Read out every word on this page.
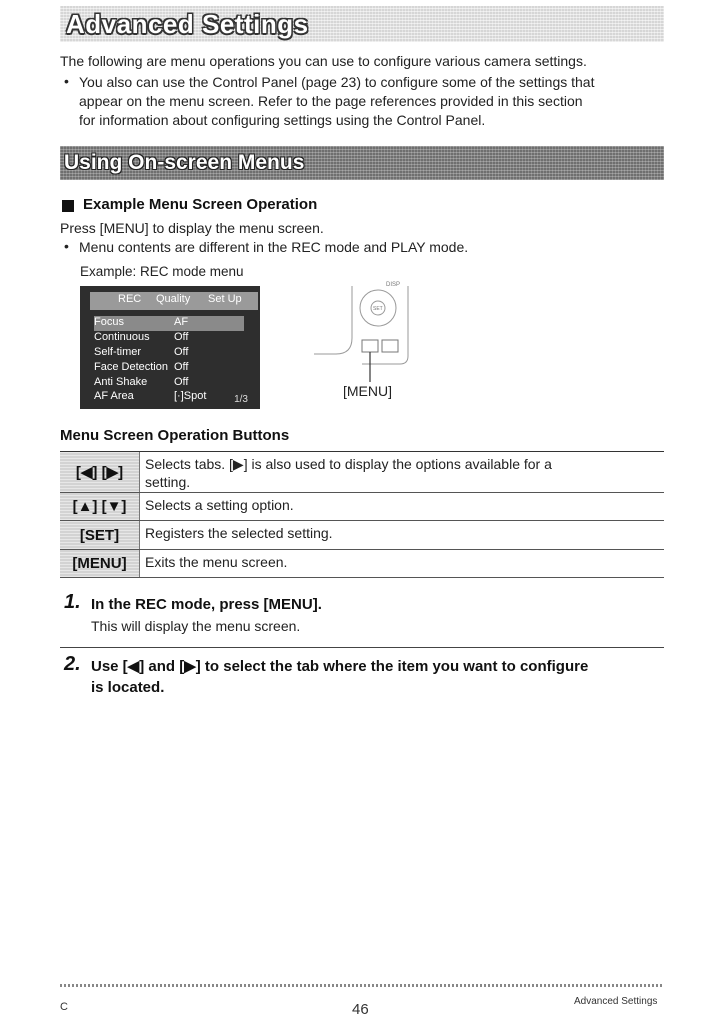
Advanced Settings
The following are menu operations you can use to configure various camera settings.
• You also can use the Control Panel (page 23) to configure some of the settings that
appear on the menu screen. Refer to the page references provided in this section
for information about configuring settings using the Control Panel.
Using On-screen Menus
Example Menu Screen Operation
Press [MENU] to display the menu screen.
• Menu contents are different in the REC mode and PLAY mode.
Example: REC mode menu
REC Quality Set Up
Focus	AF
Continuous Off
Self-timer	Off
Face Detection Off
Anti Shake Off
AF Area	[·]Spot	1/3
SET
DISP
[MENU]
Menu Screen Operation Buttons
[◀] [▶]	Selects tabs. [▶] is also used to display the options available for a
setting.
[▲] [▼]	Selects a setting option.
[SET]	Registers the selected setting.
[MENU]	Exits the menu screen.
1. In the REC mode, press [MENU].
This will display the menu screen.
2. Use [◀] and [▶] to select the tab where the item you want to configure
is located.
C	46	Advanced Settings
